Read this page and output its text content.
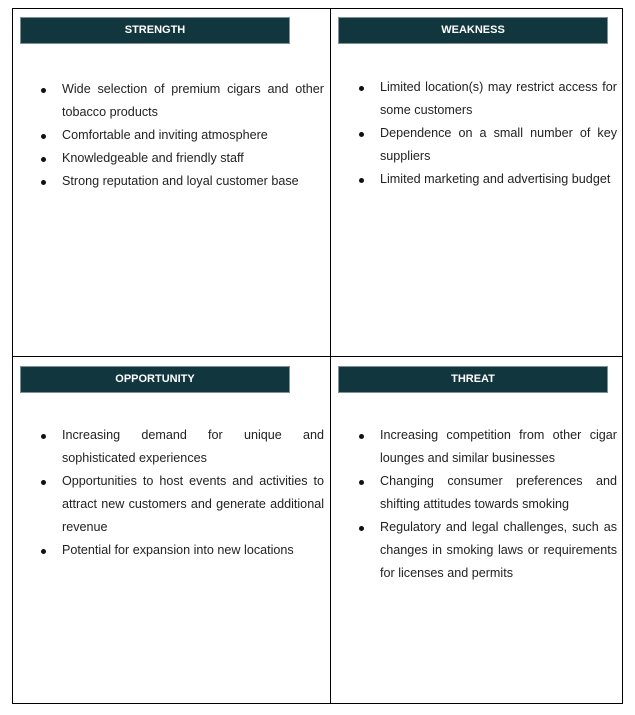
STRENGTH
Wide selection of premium cigars and other tobacco products
Comfortable and inviting atmosphere
Knowledgeable and friendly staff
Strong reputation and loyal customer base
WEAKNESS
Limited location(s) may restrict access for some customers
Dependence on a small number of key suppliers
Limited marketing and advertising budget
OPPORTUNITY
Increasing demand for unique and sophisticated experiences
Opportunities to host events and activities to attract new customers and generate additional revenue
Potential for expansion into new locations
THREAT
Increasing competition from other cigar lounges and similar businesses
Changing consumer preferences and shifting attitudes towards smoking
Regulatory and legal challenges, such as changes in smoking laws or requirements for licenses and permits
